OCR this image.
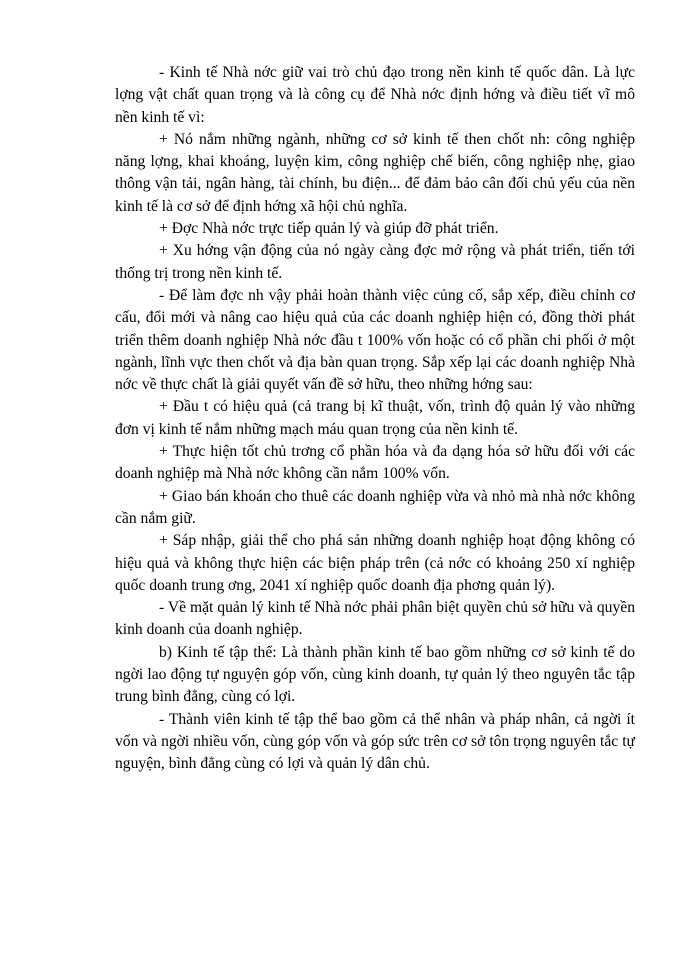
- Kinh tế Nhà nớc giữ vai trò chủ đạo trong nền kinh tế quốc dân. Là lực lợng vật chất quan trọng và là công cụ để Nhà nớc định hớng và điều tiết vĩ mô nền kinh tế vì:

+ Nó nắm những ngành, những cơ sở kinh tế then chốt nh: công nghiệp năng lợng, khai khoáng, luyện kim, công nghiệp chế biến, công nghiệp nhẹ, giao thông vận tải, ngân hàng, tài chính, bu điện... để đảm bảo cân đối chủ yếu của nền kinh tế là cơ sở để định hớng xã hội chủ nghĩa.

+ Đợc Nhà nớc trực tiếp quản lý và giúp đỡ phát triển.

+ Xu hớng vận động của nó ngày càng đợc mở rộng và phát triển, tiến tới thống trị trong nền kinh tế.

- Để làm đợc nh vậy phải hoàn thành việc củng cố, sắp xếp, điều chỉnh cơ cấu, đổi mới và nâng cao hiệu quả của các doanh nghiệp hiện có, đồng thời phát triển thêm doanh nghiệp Nhà nớc đầu t 100% vốn hoặc có cổ phần chi phối ở một ngành, lĩnh vực then chốt và địa bàn quan trọng. Sắp xếp lại các doanh nghiệp Nhà nớc về thực chất là giải quyết vấn đề sở hữu, theo những hớng sau:

+ Đầu t có hiệu quả (cả trang bị kĩ thuật, vốn, trình độ quản lý vào những đơn vị kinh tế nắm những mạch máu quan trọng của nền kinh tế.

+ Thực hiện tốt chủ trơng cổ phần hóa và đa dạng hóa sở hữu đối với các doanh nghiệp mà Nhà nớc không cần nắm 100% vốn.

+ Giao bán khoán cho thuê các doanh nghiệp vừa và nhỏ mà nhà nớc không cần nắm giữ.

+ Sáp nhập, giải thể cho phá sản những doanh nghiệp hoạt động không có hiệu quả và không thực hiện các biện pháp trên (cả nớc có khoảng 250 xí nghiệp quốc doanh trung ơng, 2041 xí nghiệp quốc doanh địa phơng quản lý).

- Về mặt quản lý kinh tế Nhà nớc phải phân biệt quyền chủ sở hữu và quyền kinh doanh của doanh nghiệp.

b) Kinh tế tập thể: Là thành phần kinh tế bao gồm những cơ sở kinh tế do ngời lao động tự nguyện góp vốn, cùng kinh doanh, tự quản lý theo nguyên tắc tập trung bình đẳng, cùng có lợi.

- Thành viên kinh tế tập thể bao gồm cả thể nhân và pháp nhân, cả ngời ít vốn và ngời nhiều vốn, cùng góp vốn và góp sức trên cơ sở tôn trọng nguyên tắc tự nguyện, bình đẳng cùng có lợi và quản lý dân chủ.
